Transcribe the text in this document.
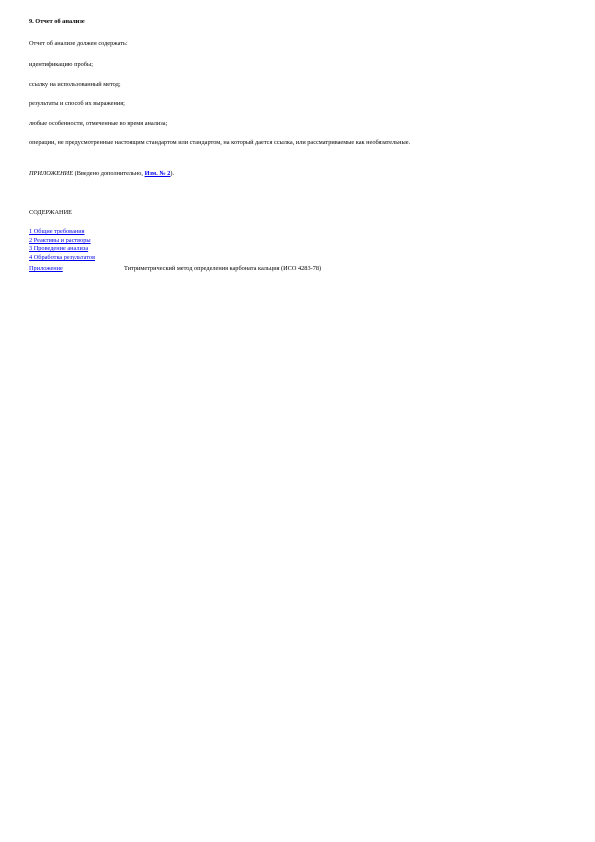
9. Отчет об анализе
Отчет об анализе должен содержать:
идентификацию пробы;
ссылку на использованный метод;
результаты и способ их выражения;
любые особенности, отмеченные во время анализа;
операции, не предусмотренные настоящим стандартом или стандартом, на который дается ссылка, или рассматриваемые как необязательные.
ПРИЛОЖЕНИЕ (Введено дополнительно, Изм. № 2).
СОДЕРЖАНИЕ
1 Общие требования
2 Реактивы и растворы
3 Проведение анализа
4 Обработка результатов
Приложение	Титриметрический метод определения карбоната кальция (ИСО 4283-78)
